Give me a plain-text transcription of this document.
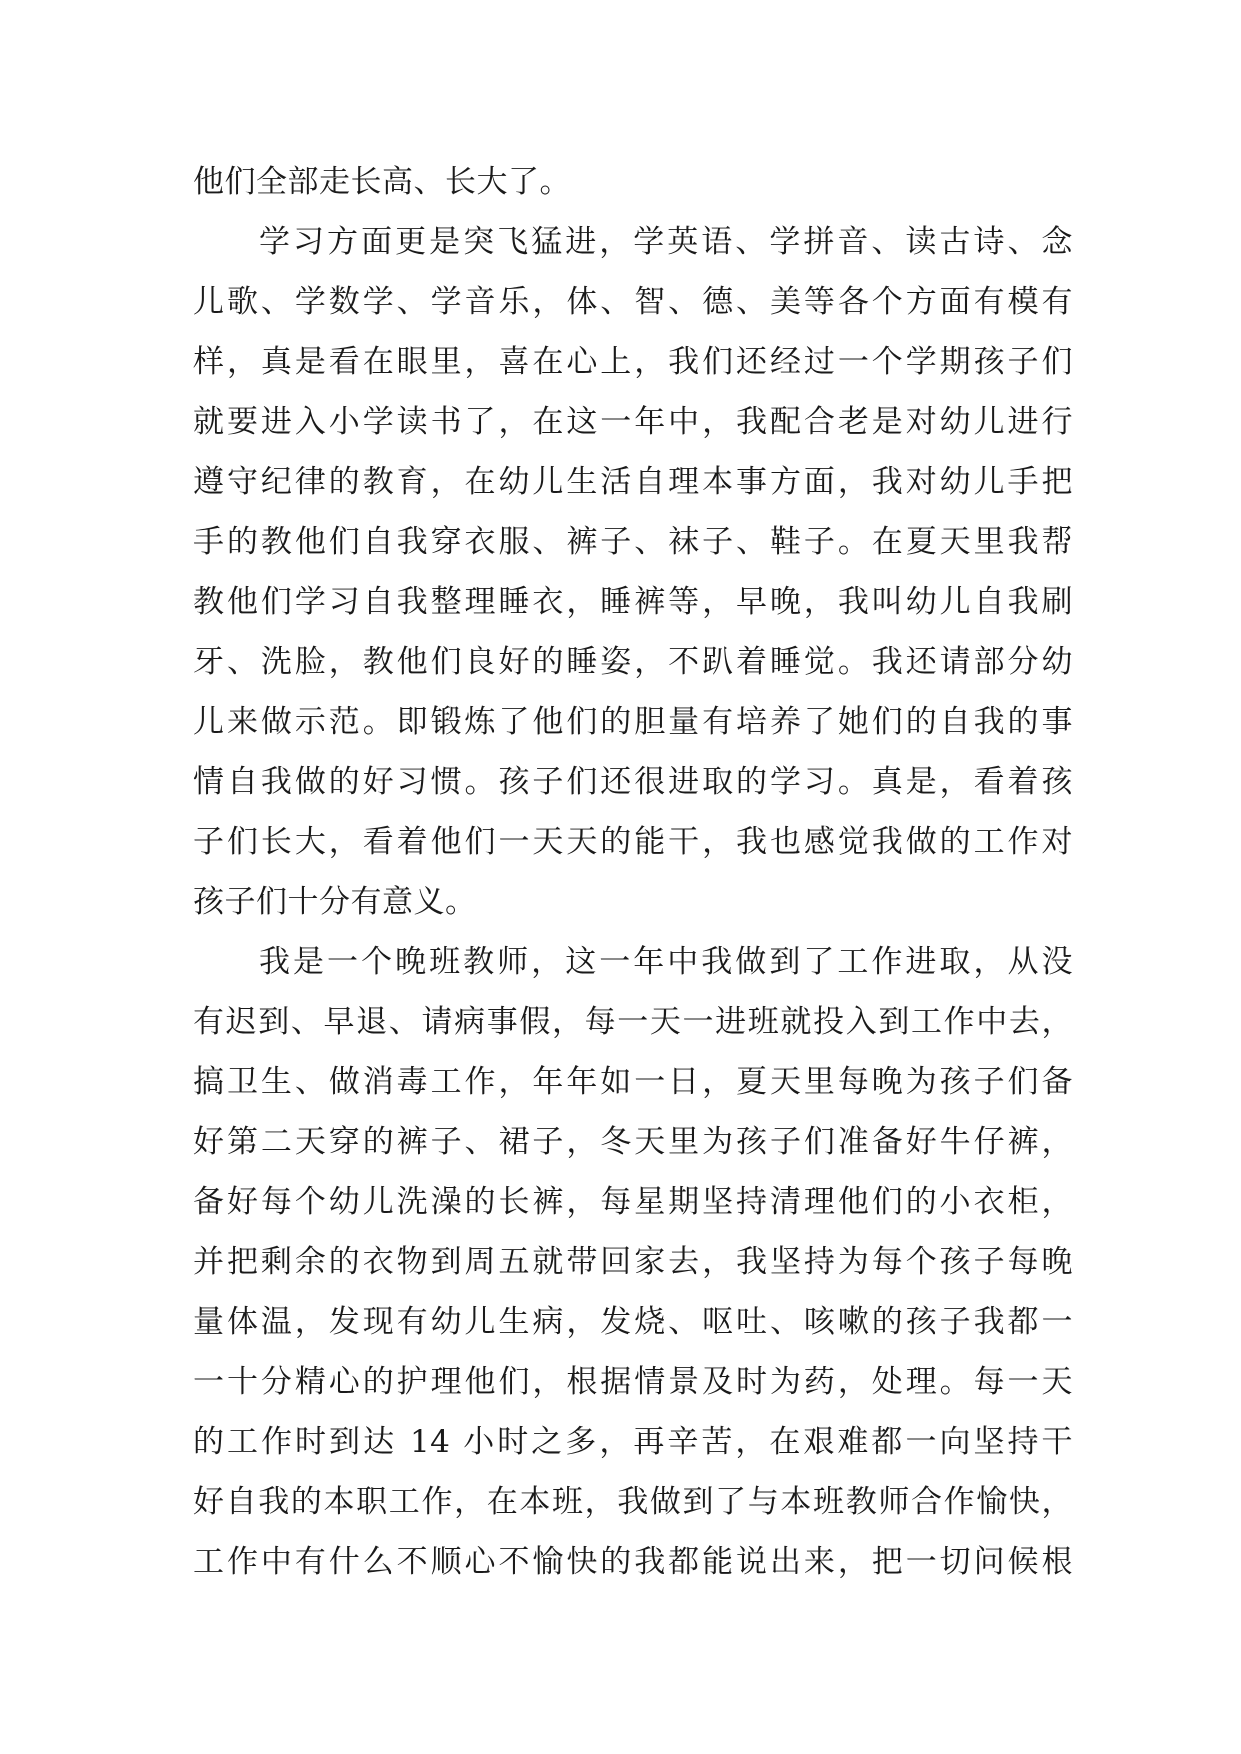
他们全部走长高、长大了。
学习方面更是突飞猛进，学英语、学拼音、读古诗、念
儿歌、学数学、学音乐，体、智、德、美等各个方面有模有
样，真是看在眼里，喜在心上，我们还经过一个学期孩子们
就要进入小学读书了，在这一年中，我配合老是对幼儿进行
遵守纪律的教育，在幼儿生活自理本事方面，我对幼儿手把
手的教他们自我穿衣服、裤子、袜子、鞋子。在夏天里我帮
教他们学习自我整理睡衣，睡裤等，早晚，我叫幼儿自我刷
牙、洗脸，教他们良好的睡姿，不趴着睡觉。我还请部分幼
儿来做示范。即锻炼了他们的胆量有培养了她们的自我的事
情自我做的好习惯。孩子们还很进取的学习。真是，看着孩
子们长大，看着他们一天天的能干，我也感觉我做的工作对
孩子们十分有意义。
我是一个晚班教师，这一年中我做到了工作进取，从没
有迟到、早退、请病事假，每一天一进班就投入到工作中去，
搞卫生、做消毒工作，年年如一日，夏天里每晚为孩子们备
好第二天穿的裤子、裙子，冬天里为孩子们准备好牛仔裤，
备好每个幼儿洗澡的长裤，每星期坚持清理他们的小衣柜，
并把剩余的衣物到周五就带回家去，我坚持为每个孩子每晚
量体温，发现有幼儿生病，发烧、呕吐、咳嗽的孩子我都一
一十分精心的护理他们，根据情景及时为药，处理。每一天
的工作时到达 14 小时之多，再辛苦，在艰难都一向坚持干
好自我的本职工作，在本班，我做到了与本班教师合作愉快，
工作中有什么不顺心不愉快的我都能说出来，把一切问候根
